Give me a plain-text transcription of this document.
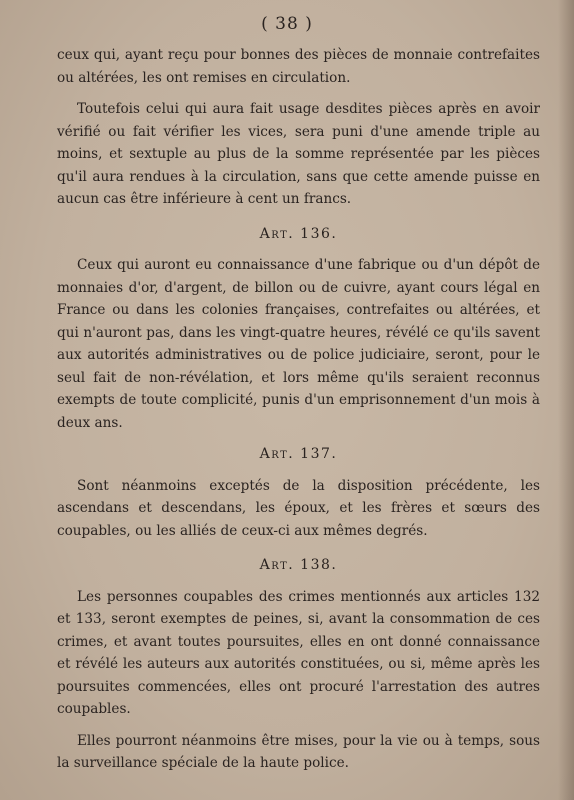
( 38 )

ceux qui, ayant reçu pour bonnes des pièces de monnaie contrefaites ou altérées, les ont remises en circulation.

Toutefois celui qui aura fait usage desdites pièces après en avoir vérifié ou fait vérifier les vices, sera puni d'une amende triple au moins, et sextuple au plus de la somme représentée par les pièces qu'il aura rendues à la circulation, sans que cette amende puisse en aucun cas être inférieure à cent un francs.

Art. 136.

Ceux qui auront eu connaissance d'une fabrique ou d'un dépôt de monnaies d'or, d'argent, de billon ou de cuivre, ayant cours légal en France ou dans les colonies françaises, contrefaites ou altérées, et qui n'auront pas, dans les vingt-quatre heures, révélé ce qu'ils savent aux autorités administratives ou de police judiciaire, seront, pour le seul fait de non-révélation, et lors même qu'ils seraient reconnus exempts de toute complicité, punis d'un emprisonnement d'un mois à deux ans.

Art. 137.

Sont néanmoins exceptés de la disposition précédente, les ascendans et descendans, les époux, et les frères et sœurs des coupables, ou les alliés de ceux-ci aux mêmes degrés.

Art. 138.

Les personnes coupables des crimes mentionnés aux articles 132 et 133, seront exemptes de peines, si, avant la consommation de ces crimes, et avant toutes poursuites, elles en ont donné connaissance et révélé les auteurs aux autorités constituées, ou si, même après les poursuites commencées, elles ont procuré l'arrestation des autres coupables.

Elles pourront néanmoins être mises, pour la vie ou à temps, sous la surveillance spéciale de la haute police.
